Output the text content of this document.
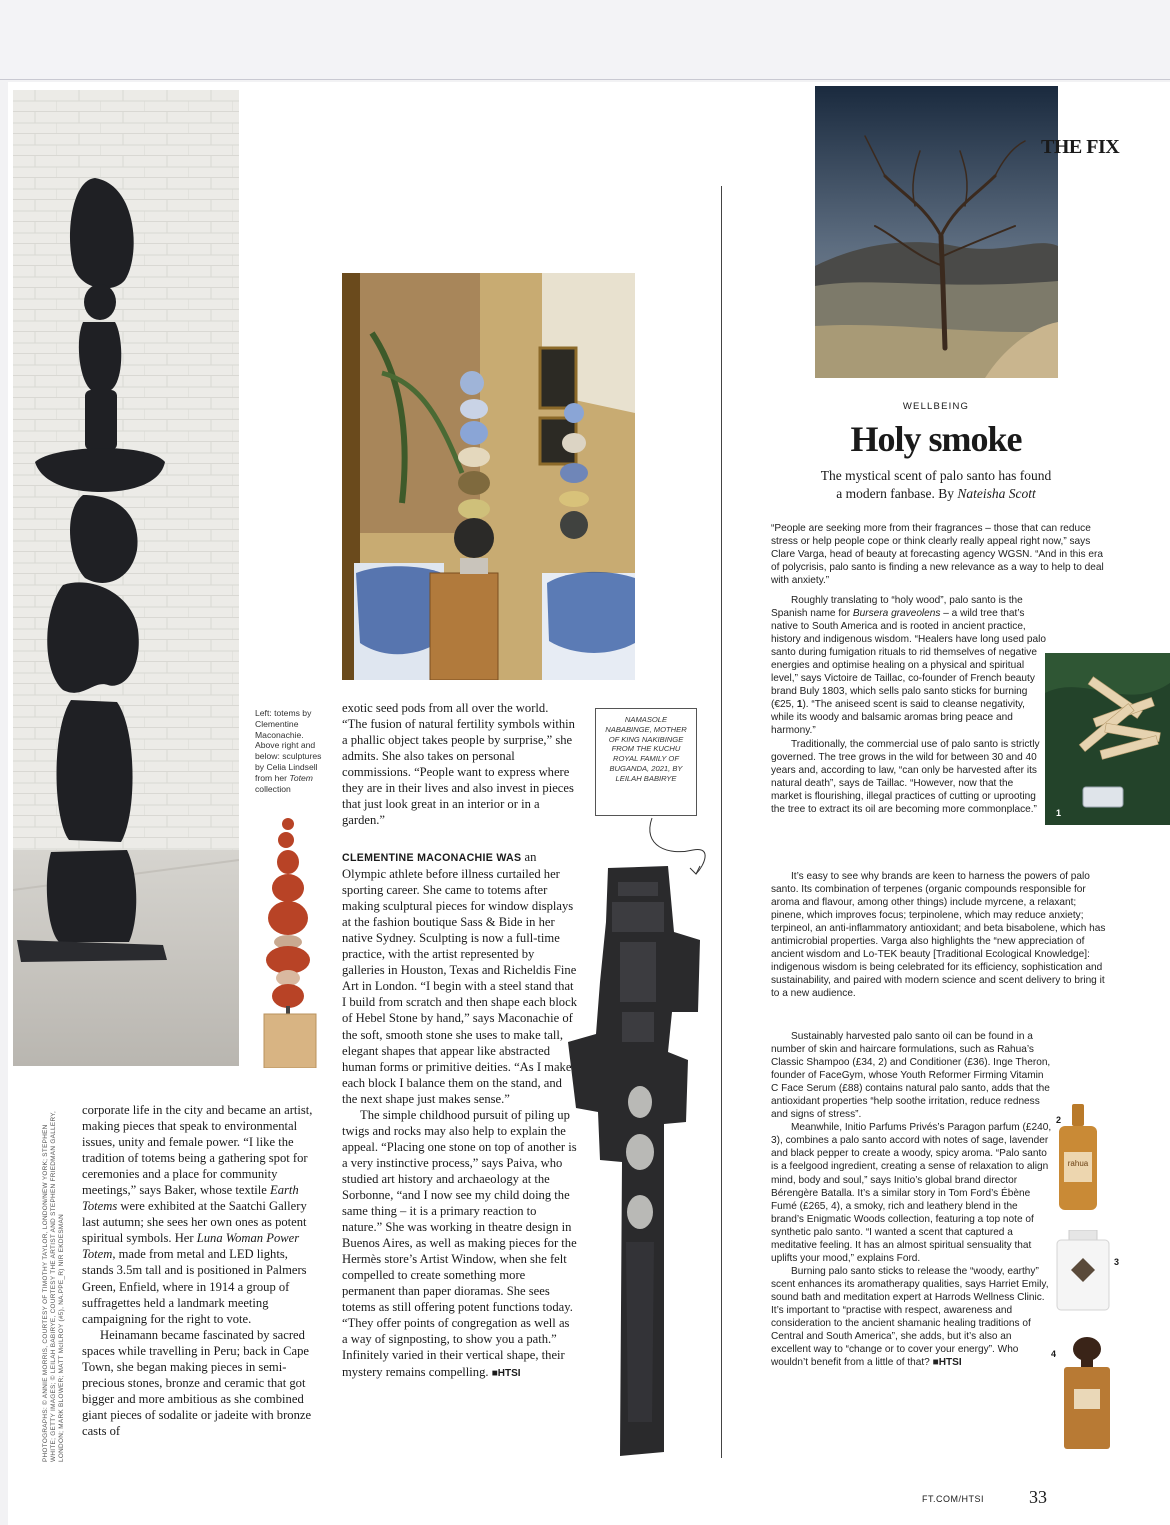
Left: totems by Clementine Maconachie. Above right and below: sculptures by Celia Lindsell from her Totem collection
PHOTOGRAPHS: © ANNIE MORRIS, COURTESY OF TIMOTHY TAYLOR, LONDON/NEW YORK; STEPHEN WHITE; GETTY IMAGES; © LEILAH BABIRYE, COURTESY THE ARTIST AND STEPHEN FRIEDMAN GALLERY, LONDON; MARK BLOWER; MATT McILROY (#5), NA.PPE_R) NIR EKDESMAN

corporate life in the city and became an artist, making pieces that speak to environmental issues, unity and female power. “I like the tradition of totems being a gathering spot for ceremonies and a place for community meetings,” says Baker, whose textile Earth Totems were exhibited at the Saatchi Gallery last autumn; she sees her own ones as potent spiritual symbols. Her Luna Woman Power Totem, made from metal and LED lights, stands 3.5m tall and is positioned in Palmers Green, Enfield, where in 1914 a group of suffragettes held a landmark meeting campaigning for the right to vote.

Heinamann became fascinated by sacred spaces while travelling in Peru; back in Cape Town, she began making pieces in semi-precious stones, bronze and ceramic that got bigger and more ambitious as she combined giant pieces of sodalite or jadeite with bronze casts of

exotic seed pods from all over the world. “The fusion of natural fertility symbols within a phallic object takes people by surprise,” she admits. She also takes on personal commissions. “People want to express where they are in their lives and also invest in pieces that just look great in an interior or in a garden.”

CLEMENTINE MACONACHIE WAS an Olympic athlete before illness curtailed her sporting career. She came to totems after making sculptural pieces for window displays at the fashion boutique Sass & Bide in her native Sydney. Sculpting is now a full-time practice, with the artist represented by galleries in Houston, Texas and Richeldis Fine Art in London. “I begin with a steel stand that I build from scratch and then shape each block of Hebel Stone by hand,” says Maconachie of the soft, smooth stone she uses to make tall, elegant shapes that appear like abstracted human forms or primitive deities. “As I make each block I balance them on the stand, and the next shape just makes sense.”

The simple childhood pursuit of piling up twigs and rocks may also help to explain the appeal. “Placing one stone on top of another is a very instinctive process,” says Paiva, who studied art history and archaeology at the Sorbonne, “and I now see my child doing the same thing – it is a primary reaction to nature.” She was working in theatre design in Buenos Aires, as well as making pieces for the Hermès store’s Artist Window, when she felt compelled to create something more permanent than paper dioramas. She sees totems as still offering potent functions today. “They offer points of congregation as well as a way of signposting, to show you a path.” Infinitely varied in their vertical shape, their mystery remains compelling. ■HTSI

NAMASOLE NABABINGE, MOTHER OF KING NAKIBINGE FROM THE KUCHU ROYAL FAMILY OF BUGANDA, 2021, BY LEILAH BABIRYE
THE FIX
WELLBEING
Holy smoke
The mystical scent of palo santo has found
a modern fanbase. By Nateisha Scott

“People are seeking more from their fragrances – those that can reduce stress or help people cope or think clearly really appeal right now,” says Clare Varga, head of beauty at forecasting agency WGSN. “And in this era of polycrisis, palo santo is finding a new relevance as a way to help to deal with anxiety.”

Roughly translating to “holy wood”, palo santo is the Spanish name for Bursera graveolens – a wild tree that’s native to South America and is rooted in ancient practice, history and indigenous wisdom. “Healers have long used palo santo during fumigation rituals to rid themselves of negative energies and optimise healing on a physical and spiritual level,” says Victoire de Taillac, co-founder of French beauty brand Buly 1803, which sells palo santo sticks for burning (€25, 1). “The aniseed scent is said to cleanse negativity, while its woody and balsamic aromas bring peace and harmony.”

Traditionally, the commercial use of palo santo is strictly governed. The tree grows in the wild for between 30 and 40 years and, according to law, “can only be harvested after its natural death”, says de Taillac. “However, now that the market is flourishing, illegal practices of cutting or uprooting the tree to extract its oil are becoming more commonplace.”

It’s easy to see why brands are keen to harness the powers of palo santo. Its combination of terpenes (organic compounds responsible for aroma and flavour, among other things) include myrcene, a relaxant; pinene, which improves focus; terpinolene, which may reduce anxiety; terpineol, an anti-inflammatory antioxidant; and beta bisabolene, which has antimicrobial properties. Varga also highlights the “new appreciation of ancient wisdom and Lo-TEK beauty [Traditional Ecological Knowledge]: indigenous wisdom is being celebrated for its efficiency, sophistication and sustainability, and paired with modern science and scent delivery to bring it to a new audience.

Sustainably harvested palo santo oil can be found in a number of skin and haircare formulations, such as Rahua’s Classic Shampoo (£34, 2) and Conditioner (£36). Inge Theron, founder of FaceGym, whose Youth Reformer Firming Vitamin C Face Serum (£88) contains natural palo santo, adds that the antioxidant properties “help soothe irritation, reduce redness and signs of stress”.

Meanwhile, Initio Parfums Privés’s Paragon parfum (£240, 3), combines a palo santo accord with notes of sage, lavender and black pepper to create a woody, spicy aroma. “Palo santo is a feelgood ingredient, creating a sense of relaxation to align mind, body and soul,” says Initio’s global brand director Bérengère Batalla. It’s a similar story in Tom Ford’s Ébène Fumé (£265, 4), a smoky, rich and leathery blend in the brand’s Enigmatic Woods collection, featuring a top note of synthetic palo santo. “I wanted a scent that captured a meditative feeling. It has an almost spiritual sensuality that uplifts your mood,” explains Ford.

Burning palo santo sticks to release the “woody, earthy” scent enhances its aromatherapy qualities, says Harriet Emily, sound bath and meditation expert at Harrods Wellness Clinic. It’s important to “practise with respect, awareness and consideration to the ancient shamanic healing traditions of Central and South America”, she adds, but it’s also an excellent way to “change or to cover your energy”. Who wouldn’t benefit from a little of that? ■HTSI

1
rahua
2
3
4
FT.COM/HTSI	33
